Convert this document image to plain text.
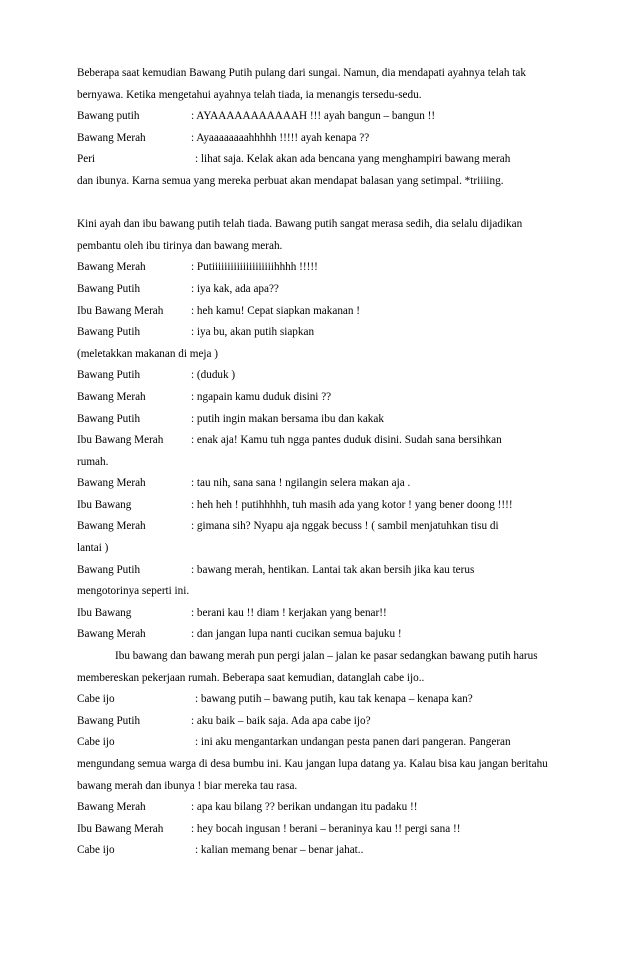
Beberapa saat kemudian Bawang Putih pulang dari sungai. Namun, dia mendapati ayahnya telah tak bernyawa. Ketika mengetahui ayahnya telah tiada, ia menangis tersedu-sedu.

Bawang putih	: AYAAAAAAAAAAAH !!! ayah bangun – bangun !!
Bawang Merah	: Ayaaaaaaaahhhhh !!!!! ayah kenapa ??
Peri	: lihat saja. Kelak akan ada bencana yang menghampiri bawang merah

dan ibunya. Karna semua yang mereka perbuat akan mendapat balasan yang setimpal. *triiiing.

Kini ayah dan ibu bawang putih telah tiada. Bawang putih sangat merasa sedih, dia selalu dijadikan pembantu oleh ibu tirinya dan bawang merah.

Bawang Merah	: Putiiiiiiiiiiiiiiiiiiiihhhh !!!!!
Bawang Putih	: iya kak, ada apa??
Ibu Bawang Merah	: heh kamu! Cepat siapkan makanan !
Bawang Putih	: iya bu, akan putih siapkan

(meletakkan makanan di meja )

Bawang Putih	: (duduk )
Bawang Merah	: ngapain kamu duduk disini ??
Bawang Putih	: putih ingin makan bersama ibu dan kakak
Ibu Bawang Merah	: enak aja! Kamu tuh ngga pantes duduk disini. Sudah sana bersihkan

rumah.

Bawang Merah	: tau nih, sana sana ! ngilangin selera makan aja .
Ibu Bawang	: heh heh ! putihhhhh, tuh masih ada yang kotor ! yang bener doong !!!!
Bawang Merah	: gimana sih? Nyapu aja nggak becuss ! ( sambil menjatuhkan tisu di

lantai )

Bawang Putih	: bawang merah, hentikan. Lantai tak akan bersih jika kau terus

mengotorinya seperti ini.

Ibu Bawang	: berani kau !! diam ! kerjakan yang benar!!
Bawang Merah	: dan jangan lupa nanti cucikan semua bajuku !

Ibu bawang dan bawang merah pun pergi jalan – jalan ke pasar sedangkan bawang putih harus membereskan pekerjaan rumah. Beberapa saat kemudian, datanglah cabe ijo..

Cabe ijo	: bawang putih – bawang putih, kau tak kenapa – kenapa kan?
Bawang Putih	: aku baik – baik saja. Ada apa cabe ijo?
Cabe ijo	: ini aku mengantarkan undangan pesta panen dari pangeran. Pangeran

mengundang semua warga di desa bumbu ini. Kau jangan lupa datang ya. Kalau bisa kau jangan beritahu bawang merah dan ibunya ! biar mereka tau rasa.

Bawang Merah	: apa kau bilang ?? berikan undangan itu padaku !!
Ibu Bawang Merah	: hey bocah ingusan ! berani – beraninya kau !! pergi sana !!
Cabe ijo	: kalian memang benar – benar jahat..
